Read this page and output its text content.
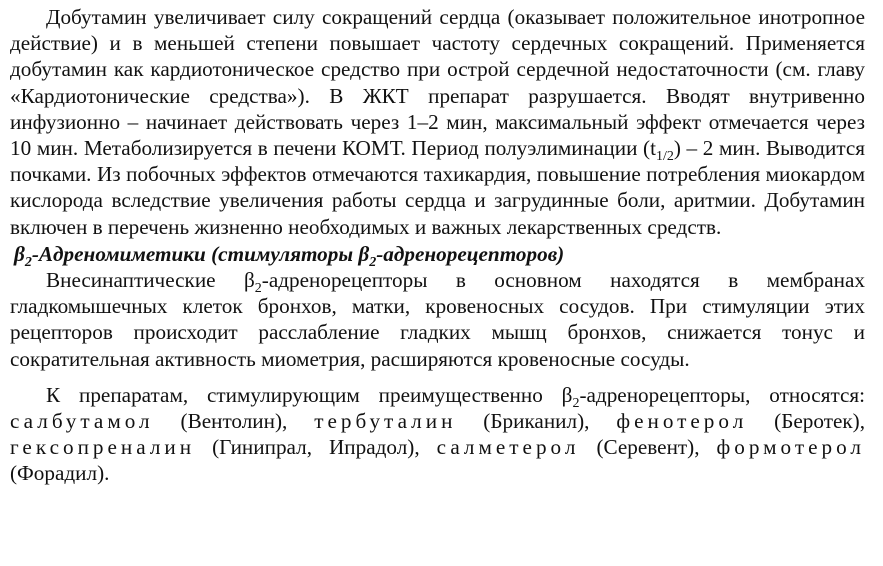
Добутамин увеличивает силу сокращений сердца (оказывает положительное инотропное действие) и в меньшей степени повышает частоту сердечных сокращений. Применяется добутамин как кардиотоническое средство при острой сердечной недостаточности (см. главу «Кардиотонические средства»). В ЖКТ препарат разрушается. Вводят внутривенно инфузионно – начинает действовать через 1–2 мин, максимальный эффект отмечается через 10 мин. Метаболизируется в печени КОМТ. Период полуэлиминации $(t_{1/2}) - 2$ мин. Выводится почками. Из побочных эффектов отмечаются тахикардия, повышение потребления миокардом кислорода вследствие увеличения работы сердца и загрудинные боли, аритмии. Добутамин включен в перечень жизненно необходимых и важных лекарственных средств.

$\beta_2$-Адреномиметики (стимуляторы $\beta_2-адренорецепторов$)

Внесинаптические $\beta_2$-адренорецепторы в основном находятся в мембранах гладкомышечных клеток бронхов, матки, кровеносных сосудов. При стимуляции этих рецепторов происходит расслабление гладких мышц бронхов, снижается тонус и сократительная активность миометрия, расширяются кровеносные сосуды.

К препаратам, стимулирующим преимущественно $\beta_2$-адренорецепторы, относятся: салбутамол (Вентолин), тербуталин (Бриканил), фенотерол (Беротек), гексопреналин (Гинипрал, Ипрадол), салметерол (Серевент), формотерол (Форадил).
